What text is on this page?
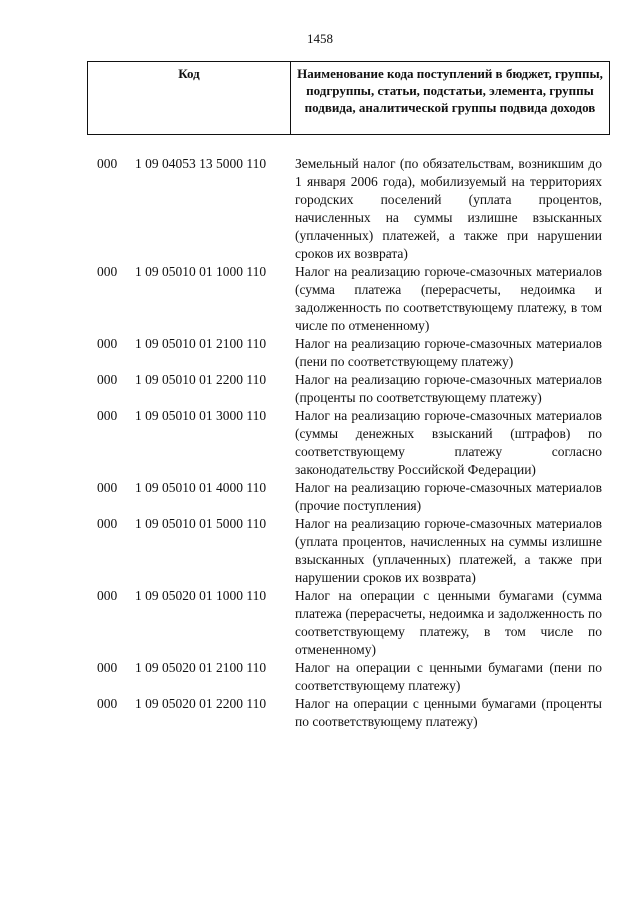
1458
Код	Наименование кода поступлений в бюджет, группы, подгруппы, статьи, подстатьи, элемента, группы подвида, аналитической группы подвида доходов
000	1 09 04053 13 5000 110	Земельный налог (по обязательствам, возникшим до 1 января 2006 года), мобилизуемый на территориях городских поселений (уплата процентов, начисленных на суммы излишне взысканных (уплаченных) платежей, а также при нарушении сроков их возврата)
000	1 09 05010 01 1000 110	Налог на реализацию горюче-смазочных материалов (сумма платежа (перерасчеты, недоимка и задолженность по соответствующему платежу, в том числе по отмененному)
000	1 09 05010 01 2100 110	Налог на реализацию горюче-смазочных материалов (пени по соответствующему платежу)
000	1 09 05010 01 2200 110	Налог на реализацию горюче-смазочных материалов (проценты по соответствующему платежу)
000	1 09 05010 01 3000 110	Налог на реализацию горюче-смазочных материалов (суммы денежных взысканий (штрафов) по соответствующему платежу согласно законодательству Российской Федерации)
000	1 09 05010 01 4000 110	Налог на реализацию горюче-смазочных материалов (прочие поступления)
000	1 09 05010 01 5000 110	Налог на реализацию горюче-смазочных материалов (уплата процентов, начисленных на суммы излишне взысканных (уплаченных) платежей, а также при нарушении сроков их возврата)
000	1 09 05020 01 1000 110	Налог на операции с ценными бумагами (сумма платежа (перерасчеты, недоимка и задолженность по соответствующему платежу, в том числе по отмененному)
000	1 09 05020 01 2100 110	Налог на операции с ценными бумагами (пени по соответствующему платежу)
000	1 09 05020 01 2200 110	Налог на операции с ценными бумагами (проценты по соответствующему платежу)
